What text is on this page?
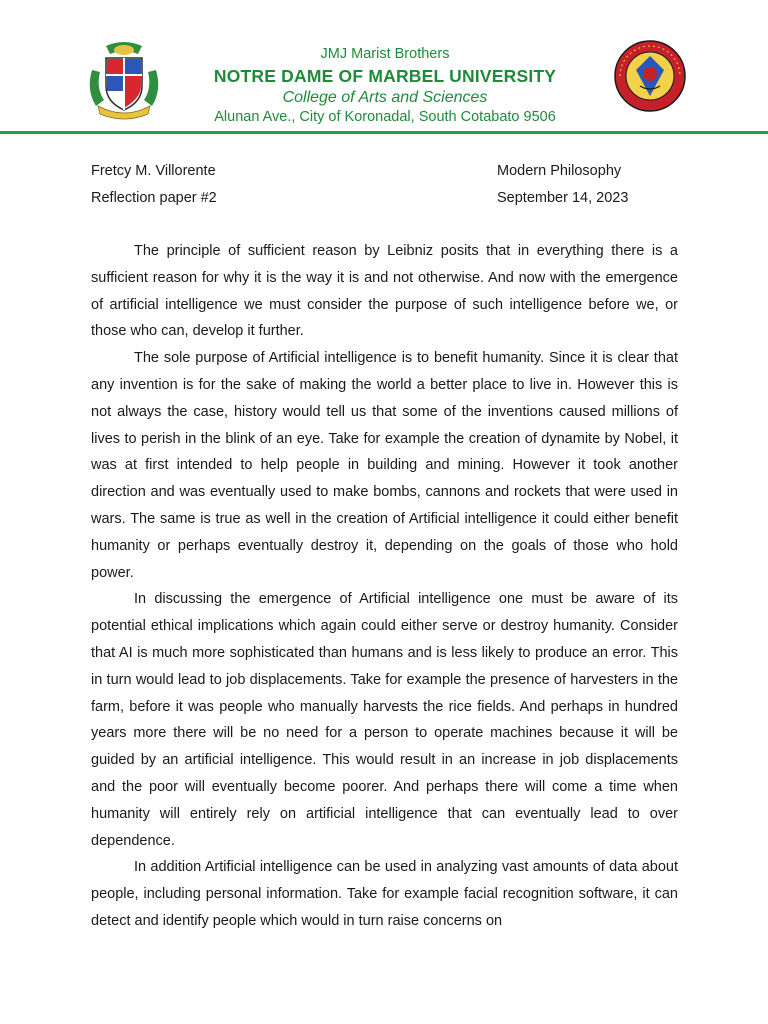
JMJ Marist Brothers
NOTRE DAME OF MARBEL UNIVERSITY
College of Arts and Sciences
Alunan Ave., City of Koronadal, South Cotabato 9506
Fretcy M. Villorente
Reflection paper #2
Modern Philosophy
September 14, 2023

The principle of sufficient reason by Leibniz posits that in everything there is a sufficient reason for why it is the way it is and not otherwise. And now with the emergence of artificial intelligence we must consider the purpose of such intelligence before we, or those who can, develop it further.

The sole purpose of Artificial intelligence is to benefit humanity. Since it is clear that any invention is for the sake of making the world a better place to live in. However this is not always the case, history would tell us that some of the inventions caused millions of lives to perish in the blink of an eye. Take for example the creation of dynamite by Nobel, it was at first intended to help people in building and mining. However it took another direction and was eventually used to make bombs, cannons and rockets that were used in wars. The same is true as well in the creation of Artificial intelligence it could either benefit humanity or perhaps eventually destroy it, depending on the goals of those who hold power.

In discussing the emergence of Artificial intelligence one must be aware of its potential ethical implications which again could either serve or destroy humanity. Consider that AI is much more sophisticated than humans and is less likely to produce an error. This in turn would lead to job displacements. Take for example the presence of harvesters in the farm, before it was people who manually harvests the rice fields. And perhaps in hundred years more there will be no need for a person to operate machines because it will be guided by an artificial intelligence. This would result in an increase in job displacements and the poor will eventually become poorer. And perhaps there will come a time when humanity will entirely rely on artificial intelligence that can eventually lead to over dependence.

In addition Artificial intelligence can be used in analyzing vast amounts of data about people, including personal information. Take for example facial recognition software, it can detect and identify people which would in turn raise concerns on
